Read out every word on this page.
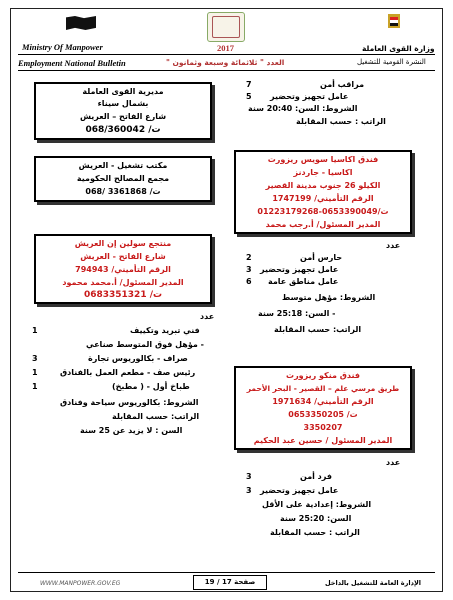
Ministry Of Manpower
Employment National Bulletin
2017
العدد " ثلاثمائة وسبعة وثمانون "
وزارة القوى العاملة
النشرة القومية للتشغيل
7	مراقب أمن
5 عامل تجهيز وتحضير
الشروط: السن: 20:40 سنة
الراتب : حسب المقابلة
مديرية القوى العاملة
بشمال سيناء
شارع الفاتح – العريش
ت/ 068/360042
فندق اكاسيا سويس ريزورت
اكاسيا - جاردنز
الكيلو 26 جنوب مدينة القصير
الرقم التأميني/ 1747199
ت/0653390049-01223179268
المدير المسئول/ أ.رجب محمد
مكتب تشغيل - العريش
مجمع المصالح الحكومية
ت/ 3361868 /068
عدد
2	حارس أمن
3 عامل تجهيز وتحضير
6 عامل مناطق عامة
الشروط: مؤهل متوسط
- السن: 25:18 سنة
الراتب: حسب المقابلة
منتجع سولين إن العريش
شارع الفاتح - العريش
الرقم التأميني/ 794943
المدير المسئول/ أ.محمد محمود
ت/ 0683351321
عدد
1	فني تبريد وتكييف
- مؤهل فوق المتوسط صناعي
3	صراف - بكالوريوس تجارة
1	رئيس صف - مطعم العمل بالفنادق
1	طباخ أول - ( مطبخ)
الشروط: بكالوريوس سياحة وفنادق
الراتب: حسب المقابلة
السن : لا يزيد عن 25 سنة
فندق منكو ريزورت
طريق مرسي علم – القصير - البحر الأحمر
الرقم التأميني/ 1971634
ت/ 0653350205
3350207
المدير المسئول / حسين عبد الحكيم
عدد
3	فرد أمن
3 عامل تجهيز وتحضير
الشروط: إعدادية على الأقل
السن: 25:20 سنة
الراتب : حسب المقابلة
WWW.MANPOWER.GOV.EG	صفحة 17 / 19	الإدارة العامة للتشغيل بالداخل
